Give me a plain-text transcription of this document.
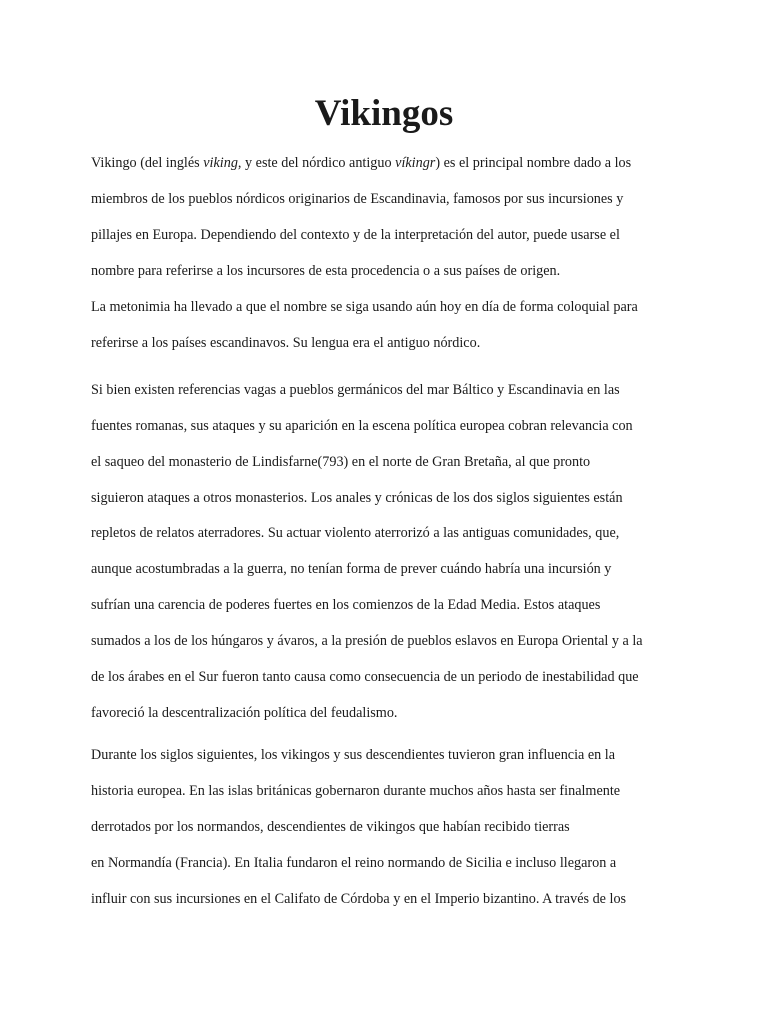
Vikingos

Vikingo (del inglés viking, y este del nórdico antiguo víkingr) es el principal nombre dado a los

miembros de los pueblos nórdicos originarios de Escandinavia, famosos por sus incursiones y

pillajes en Europa. Dependiendo del contexto y de la interpretación del autor, puede usarse el

nombre para referirse a los incursores de esta procedencia o a sus países de origen.

La metonimia ha llevado a que el nombre se siga usando aún hoy en día de forma coloquial para

referirse a los países escandinavos. Su lengua era el antiguo nórdico.

Si bien existen referencias vagas a pueblos germánicos del mar Báltico y Escandinavia en las

fuentes romanas, sus ataques y su aparición en la escena política europea cobran relevancia con

el saqueo del monasterio de Lindisfarne(793) en el norte de Gran Bretaña, al que pronto

siguieron ataques a otros monasterios. Los anales y crónicas de los dos siglos siguientes están

repletos de relatos aterradores. Su actuar violento aterrorizó a las antiguas comunidades, que,

aunque acostumbradas a la guerra, no tenían forma de prever cuándo habría una incursión y

sufrían una carencia de poderes fuertes en los comienzos de la Edad Media. Estos ataques

sumados a los de los húngaros y ávaros, a la presión de pueblos eslavos en Europa Oriental y a la

de los árabes en el Sur fueron tanto causa como consecuencia de un periodo de inestabilidad que

favoreció la descentralización política del feudalismo.

Durante los siglos siguientes, los vikingos y sus descendientes tuvieron gran influencia en la

historia europea. En las islas británicas gobernaron durante muchos años hasta ser finalmente

derrotados por los normandos, descendientes de vikingos que habían recibido tierras

en Normandía (Francia). En Italia fundaron el reino normando de Sicilia e incluso llegaron a

influir con sus incursiones en el Califato de Córdoba y en el Imperio bizantino. A través de los
